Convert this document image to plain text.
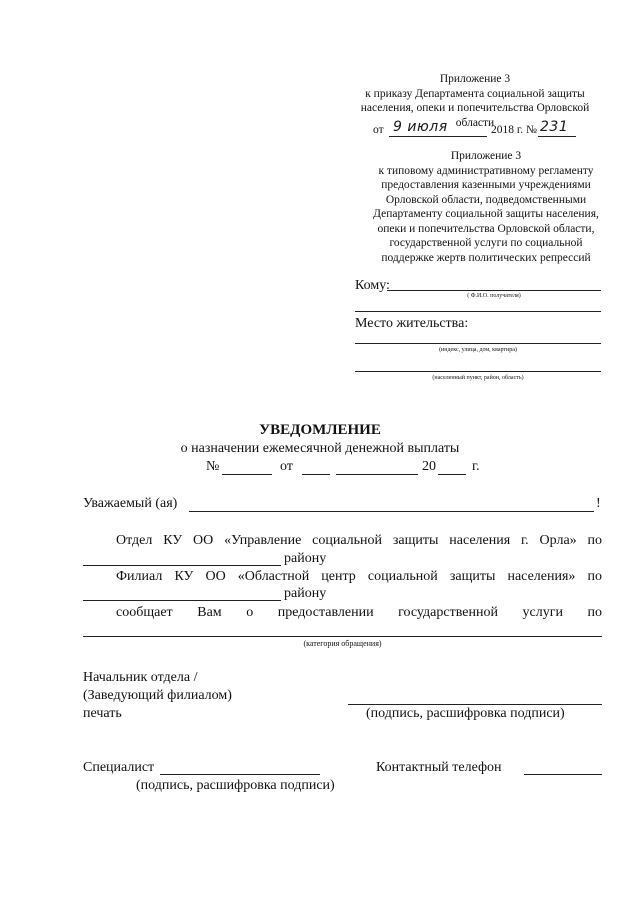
Приложение 3
к приказу Департамента социальной защиты
населения, опеки и попечительства Орловской
области
от 9 июля	2018 г. № 231
Приложение 3
к типовому административному регламенту
предоставления казенными учреждениями
Орловской области, подведомственными
Департаменту социальной защиты населения,
опеки и попечительства Орловской области,
государственной услуги по социальной
поддержке жертв политических репрессий
Кому:
( Ф.И.О. получателя)
Место жительства:
(индекс, улица, дом, квартира)
(населенный пункт, район, область)
УВЕДОМЛЕНИЕ
о назначении ежемесячной денежной выплаты
№	от	20	г.
Уважаемый (ая)	!
Отдел КУ ОО «Управление социальной защиты населения г. Орла» по
району
Филиал КУ ОО «Областной центр социальной защиты населения» по
району
сообщает Вам о предоставлении государственной услуги по
(категория обращения)
Начальник отдела /
(Заведующий филиалом)
печать	(подпись, расшифровка подписи)
Специалист
(подпись, расшифровка подписи)
Контактный телефон
